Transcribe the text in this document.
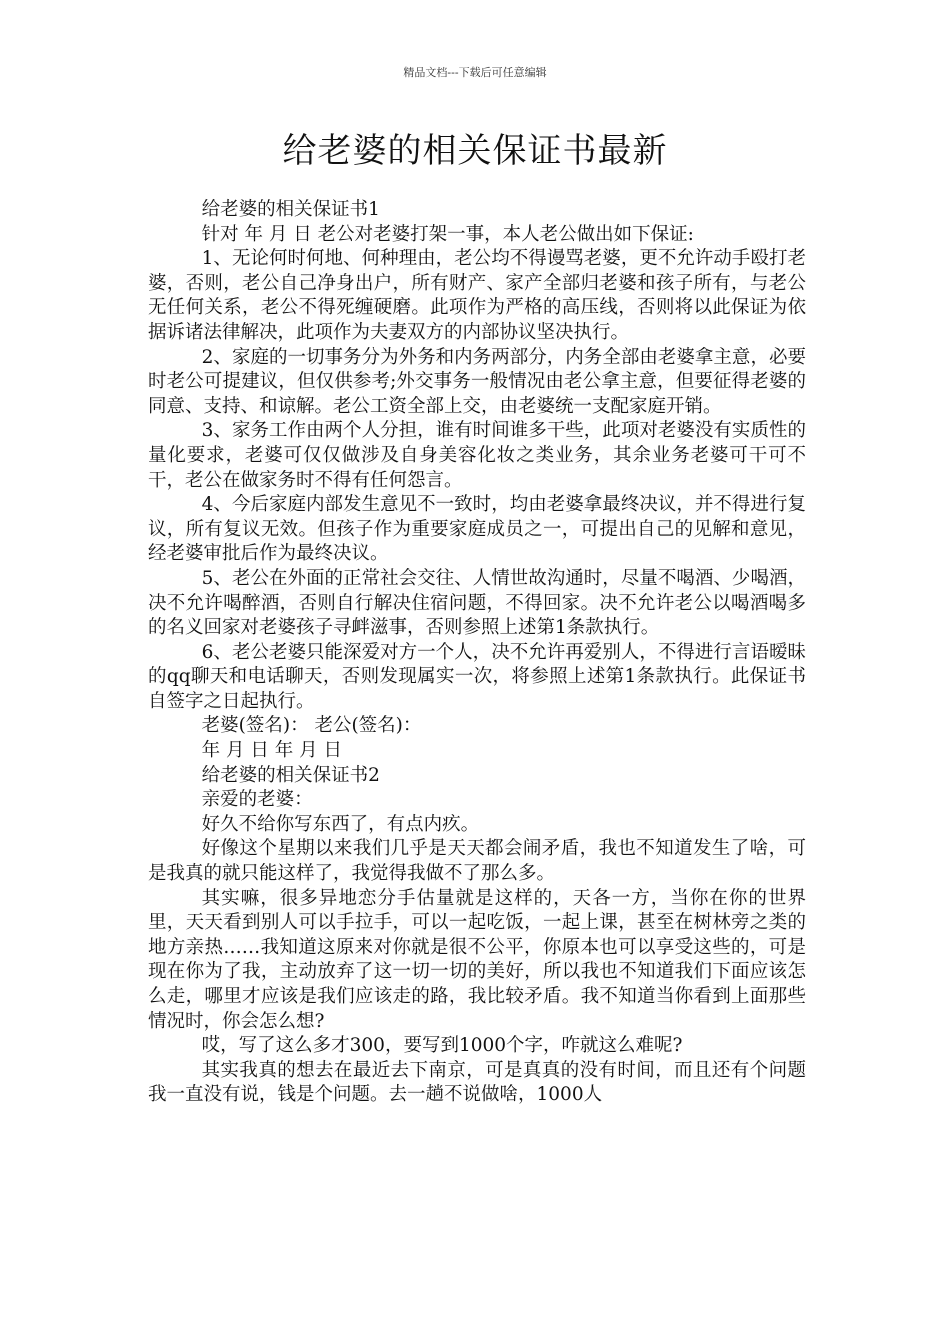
精品文档---下载后可任意编辑
给老婆的相关保证书最新

给老婆的相关保证书1

针对 年 月 日 老公对老婆打架一事，本人老公做出如下保证:

1、无论何时何地、何种理由，老公均不得谩骂老婆，更不允许动手殴打老婆，否则，老公自己净身出户，所有财产、家产全部归老婆和孩子所有，与老公无任何关系，老公不得死缠硬磨。此项作为严格的高压线，否则将以此保证为依据诉诸法律解决，此项作为夫妻双方的内部协议坚决执行。

2、家庭的一切事务分为外务和内务两部分，内务全部由老婆拿主意，必要时老公可提建议，但仅供参考;外交事务一般情况由老公拿主意，但要征得老婆的同意、支持、和谅解。老公工资全部上交，由老婆统一支配家庭开销。

3、家务工作由两个人分担，谁有时间谁多干些，此项对老婆没有实质性的量化要求，老婆可仅仅做涉及自身美容化妆之类业务，其余业务老婆可干可不干，老公在做家务时不得有任何怨言。

4、今后家庭内部发生意见不一致时，均由老婆拿最终决议，并不得进行复议，所有复议无效。但孩子作为重要家庭成员之一，可提出自己的见解和意见，经老婆审批后作为最终决议。

5、老公在外面的正常社会交往、人情世故沟通时，尽量不喝酒、少喝酒，决不允许喝醉酒，否则自行解决住宿问题，不得回家。决不允许老公以喝酒喝多的名义回家对老婆孩子寻衅滋事，否则参照上述第1条款执行。

6、老公老婆只能深爱对方一个人，决不允许再爱别人，不得进行言语暧昧的qq聊天和电话聊天，否则发现属实一次，将参照上述第1条款执行。此保证书自签字之日起执行。

老婆(签名)： 老公(签名)：

年 月 日 年 月 日

给老婆的相关保证书2

亲爱的老婆：

好久不给你写东西了，有点内疚。

好像这个星期以来我们几乎是天天都会闹矛盾，我也不知道发生了啥，可是我真的就只能这样了，我觉得我做不了那么多。

其实嘛，很多异地恋分手估量就是这样的，天各一方，当你在你的世界里，天天看到别人可以手拉手，可以一起吃饭，一起上课，甚至在树林旁之类的地方亲热……我知道这原来对你就是很不公平，你原本也可以享受这些的，可是现在你为了我，主动放弃了这一切一切的美好，所以我也不知道我们下面应该怎么走，哪里才应该是我们应该走的路，我比较矛盾。我不知道当你看到上面那些情况时，你会怎么想?

哎，写了这么多才300，要写到1000个字，咋就这么难呢?

其实我真的想去在最近去下南京，可是真真的没有时间，而且还有个问题我一直没有说，钱是个问题。去一趟不说做啥，1000人
